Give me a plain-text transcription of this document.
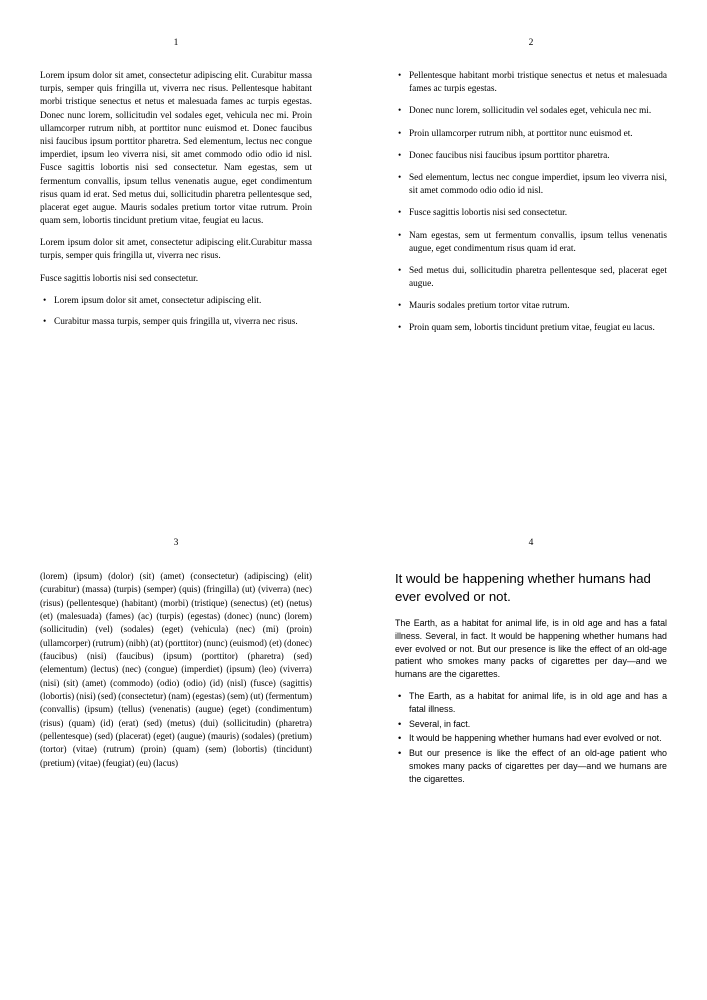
1

Lorem ipsum dolor sit amet, consectetur adipiscing elit. Curabitur massa turpis, semper quis fringilla ut, viverra nec risus. Pellentesque habitant morbi tristique senectus et netus et malesuada fames ac turpis egestas. Donec nunc lorem, sollicitudin vel sodales eget, vehicula nec mi. Proin ullamcorper rutrum nibh, at porttitor nunc euismod et. Donec faucibus nisi faucibus ipsum porttitor pharetra. Sed elementum, lectus nec congue imperdiet, ipsum leo viverra nisi, sit amet commodo odio odio id nisl. Fusce sagittis lobortis nisi sed consectetur. Nam egestas, sem ut fermentum convallis, ipsum tellus venenatis augue, eget condimentum risus quam id erat. Sed metus dui, sollicitudin pharetra pellentesque sed, placerat eget augue. Mauris sodales pretium tortor vitae rutrum. Proin quam sem, lobortis tincidunt pretium vitae, feugiat eu lacus.

Lorem ipsum dolor sit amet, consectetur adipiscing elit.Curabitur massa turpis, semper quis fringilla ut, viverra nec risus.

Fusce sagittis lobortis nisi sed consectetur.

• Lorem ipsum dolor sit amet, consectetur adipiscing elit.
• Curabitur massa turpis, semper quis fringilla ut, viverra nec risus.
2
• Pellentesque habitant morbi tristique senectus et netus et malesuada fames ac turpis egestas.
• Donec nunc lorem, sollicitudin vel sodales eget, vehicula nec mi.
• Proin ullamcorper rutrum nibh, at porttitor nunc euismod et.
• Donec faucibus nisi faucibus ipsum porttitor pharetra.
• Sed elementum, lectus nec congue imperdiet, ipsum leo viverra nisi, sit amet commodo odio odio id nisl.
• Fusce sagittis lobortis nisi sed consectetur.
• Nam egestas, sem ut fermentum convallis, ipsum tellus venenatis augue, eget condimentum risus quam id erat.
• Sed metus dui, sollicitudin pharetra pellentesque sed, placerat eget augue.
• Mauris sodales pretium tortor vitae rutrum.
• Proin quam sem, lobortis tincidunt pretium vitae, feugiat eu lacus.
3

(lorem) (ipsum) (dolor) (sit) (amet) (consectetur) (adipiscing) (elit) (curabitur) (massa) (turpis) (semper) (quis) (fringilla) (ut) (viverra) (nec) (risus) (pellentesque) (habitant) (morbi) (tristique) (senectus) (et) (netus) (et) (malesuada) (fames) (ac) (turpis) (egestas) (donec) (nunc) (lorem) (sollicitudin) (vel) (sodales) (eget) (vehicula) (nec) (mi) (proin) (ullamcorper) (rutrum) (nibh) (at) (porttitor) (nunc) (euismod) (et) (donec) (faucibus) (nisi) (faucibus) (ipsum) (porttitor) (pharetra) (sed) (elementum) (lectus) (nec) (congue) (imperdiet) (ipsum) (leo) (viverra) (nisi) (sit) (amet) (commodo) (odio) (odio) (id) (nisl) (fusce) (sagittis) (lobortis) (nisi) (sed) (consectetur) (nam) (egestas) (sem) (ut) (fermentum) (convallis) (ipsum) (tellus) (venenatis) (augue) (eget) (condimentum) (risus) (quam) (id) (erat) (sed) (metus) (dui) (sollicitudin) (pharetra) (pellentesque) (sed) (placerat) (eget) (augue) (mauris) (sodales) (pretium) (tortor) (vitae) (rutrum) (proin) (quam) (sem) (lobortis) (tincidunt) (pretium) (vitae) (feugiat) (eu) (lacus)

4
It would be happening whether humans had ever evolved or not.

The Earth, as a habitat for animal life, is in old age and has a fatal illness. Several, in fact. It would be happening whether humans had ever evolved or not. But our presence is like the effect of an old-age patient who smokes many packs of cigarettes per day—and we humans are the cigarettes.

• The Earth, as a habitat for animal life, is in old age and has a fatal illness.
• Several, in fact.
• It would be happening whether humans had ever evolved or not.
• But our presence is like the effect of an old-age patient who smokes many packs of cigarettes per day—and we humans are the cigarettes.
